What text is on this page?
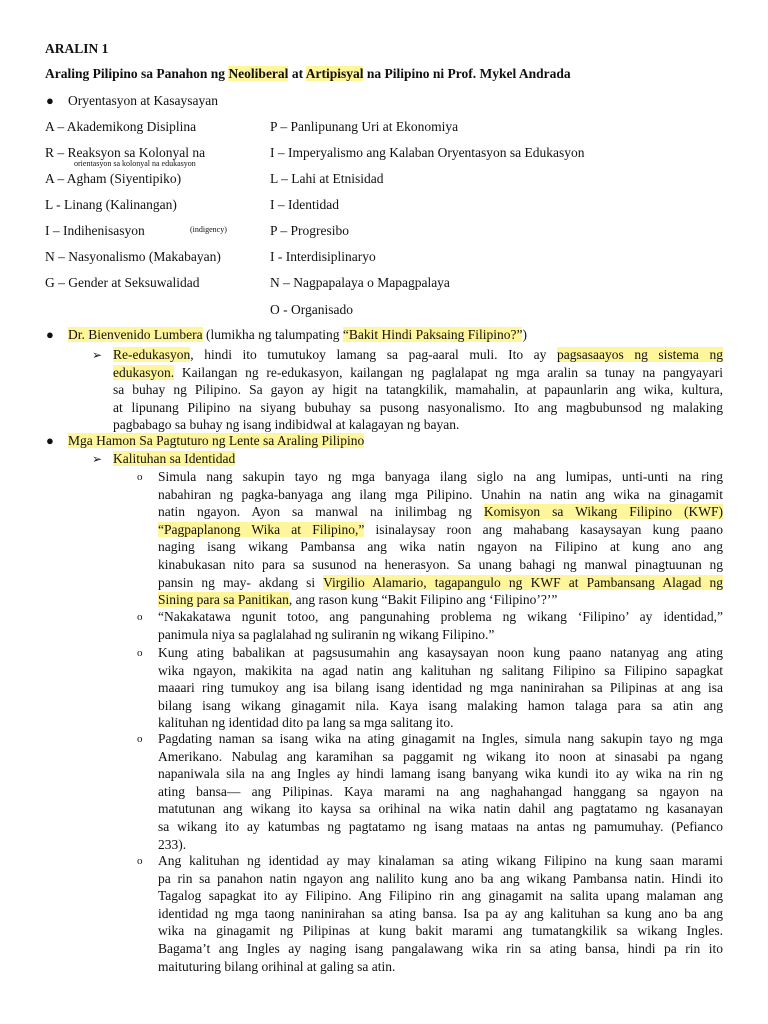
ARALIN 1
Araling Pilipino sa Panahon ng Neoliberal at Artipisyal na Pilipino ni Prof. Mykel Andrada
● Oryentasyon at Kasaysayan
A – Akademikong Disiplina
R – Reaksyon sa Kolonyal na
orientasyon sa kolonyal na edukasyon
A – Agham (Siyentipiko)
L - Linang (Kalinangan)
I – Indihenisasyon	(indigency)
N – Nasyonalismo (Makabayan)
G – Gender at Seksuwalidad
P – Panlipunang Uri at Ekonomiya
I – Imperyalismo ang Kalaban Oryentasyon sa Edukasyon
L – Lahi at Etnisidad
I – Identidad
P – Progresibo
I - Interdisiplinaryo
N – Nagpapalaya o Mapagpalaya
O - Organisado
● Dr. Bienvenido Lumbera (lumikha ng talumpating “Bakit Hindi Paksaing Filipino?”)
➢ Re-edukasyon, hindi ito tumutukoy lamang sa pag-aaral muli. Ito ay pagsasaayos ng sistema ng
edukasyon. Kailangan ng re-edukasyon, kailangan ng paglalapat ng mga aralin sa tunay na pangyayari
sa buhay ng Pilipino. Sa gayon ay higit na tatangkilik, mamahalin, at papaunlarin ang wika, kultura,
at lipunang Pilipino na siyang bubuhay sa pusong nasyonalismo. Ito ang magbubunsod ng malaking
pagbabago sa buhay ng isang indibidwal at kalagayan ng bayan.
● Mga Hamon Sa Pagtuturo ng Lente sa Araling Pilipino
➢ Kalituhan sa Identidad
o Simula nang sakupin tayo ng mga banyaga ilang siglo na ang lumipas, unti-unti na ring
nabahiran ng pagka-banyaga ang ilang mga Pilipino. Unahin na natin ang wika na ginagamit
natin ngayon. Ayon sa manwal na inilimbag ng Komisyon sa Wikang Filipino (KWF)
“Pagpaplanong Wika at Filipino,” isinalaysay roon ang mahabang kasaysayan kung paano
naging isang wikang Pambansa ang wika natin ngayon na Filipino at kung ano ang
kinabukasan nito para sa susunod na henerasyon. Sa unang bahagi ng manwal pinagtuunan ng
pansin ng may- akdang si Virgilio Alamario, tagapangulo ng KWF at Pambansang Alagad ng
Sining para sa Panitikan, ang rason kung “Bakit Filipino ang ‘Filipino’?’”
o “Nakakatawa ngunit totoo, ang pangunahing problema ng wikang ‘Filipino’ ay identidad,”
panimula niya sa paglalahad ng suliranin ng wikang Filipino.”
o Kung ating babalikan at pagsusumahin ang kasaysayan noon kung paano natanyag ang ating
wika ngayon, makikita na agad natin ang kalituhan ng salitang Filipino sa Filipino sapagkat
maaari ring tumukoy ang isa bilang isang identidad ng mga naninirahan sa Pilipinas at ang isa
bilang isang wikang ginagamit nila. Kaya isang malaking hamon talaga para sa atin ang
kalituhan ng identidad dito pa lang sa mga salitang ito.
o Pagdating naman sa isang wika na ating ginagamit na Ingles, simula nang sakupin tayo ng mga
Amerikano. Nabulag ang karamihan sa paggamit ng wikang ito noon at sinasabi pa ngang
napaniwala sila na ang Ingles ay hindi lamang isang banyang wika kundi ito ay wika na rin ng
ating bansa— ang Pilipinas. Kaya marami na ang naghahangad hanggang sa ngayon na
matutunan ang wikang ito kaysa sa orihinal na wika natin dahil ang pagtatamo ng kasanayan
sa wikang ito ay katumbas ng pagtatamo ng isang mataas na antas ng pamumuhay. (Pefianco
233).
o Ang kalituhan ng identidad ay may kinalaman sa ating wikang Filipino na kung saan marami
pa rin sa panahon natin ngayon ang nalilito kung ano ba ang wikang Pambansa natin. Hindi ito
Tagalog sapagkat ito ay Filipino. Ang Filipino rin ang ginagamit na salita upang malaman ang
identidad ng mga taong naninirahan sa ating bansa. Isa pa ay ang kalituhan sa kung ano ba ang
wika na ginagamit ng Pilipinas at kung bakit marami ang tumatangkilik sa wikang Ingles.
Bagama’t ang Ingles ay naging isang pangalawang wika rin sa ating bansa, hindi pa rin ito
maituturing bilang orihinal at galing sa atin.
